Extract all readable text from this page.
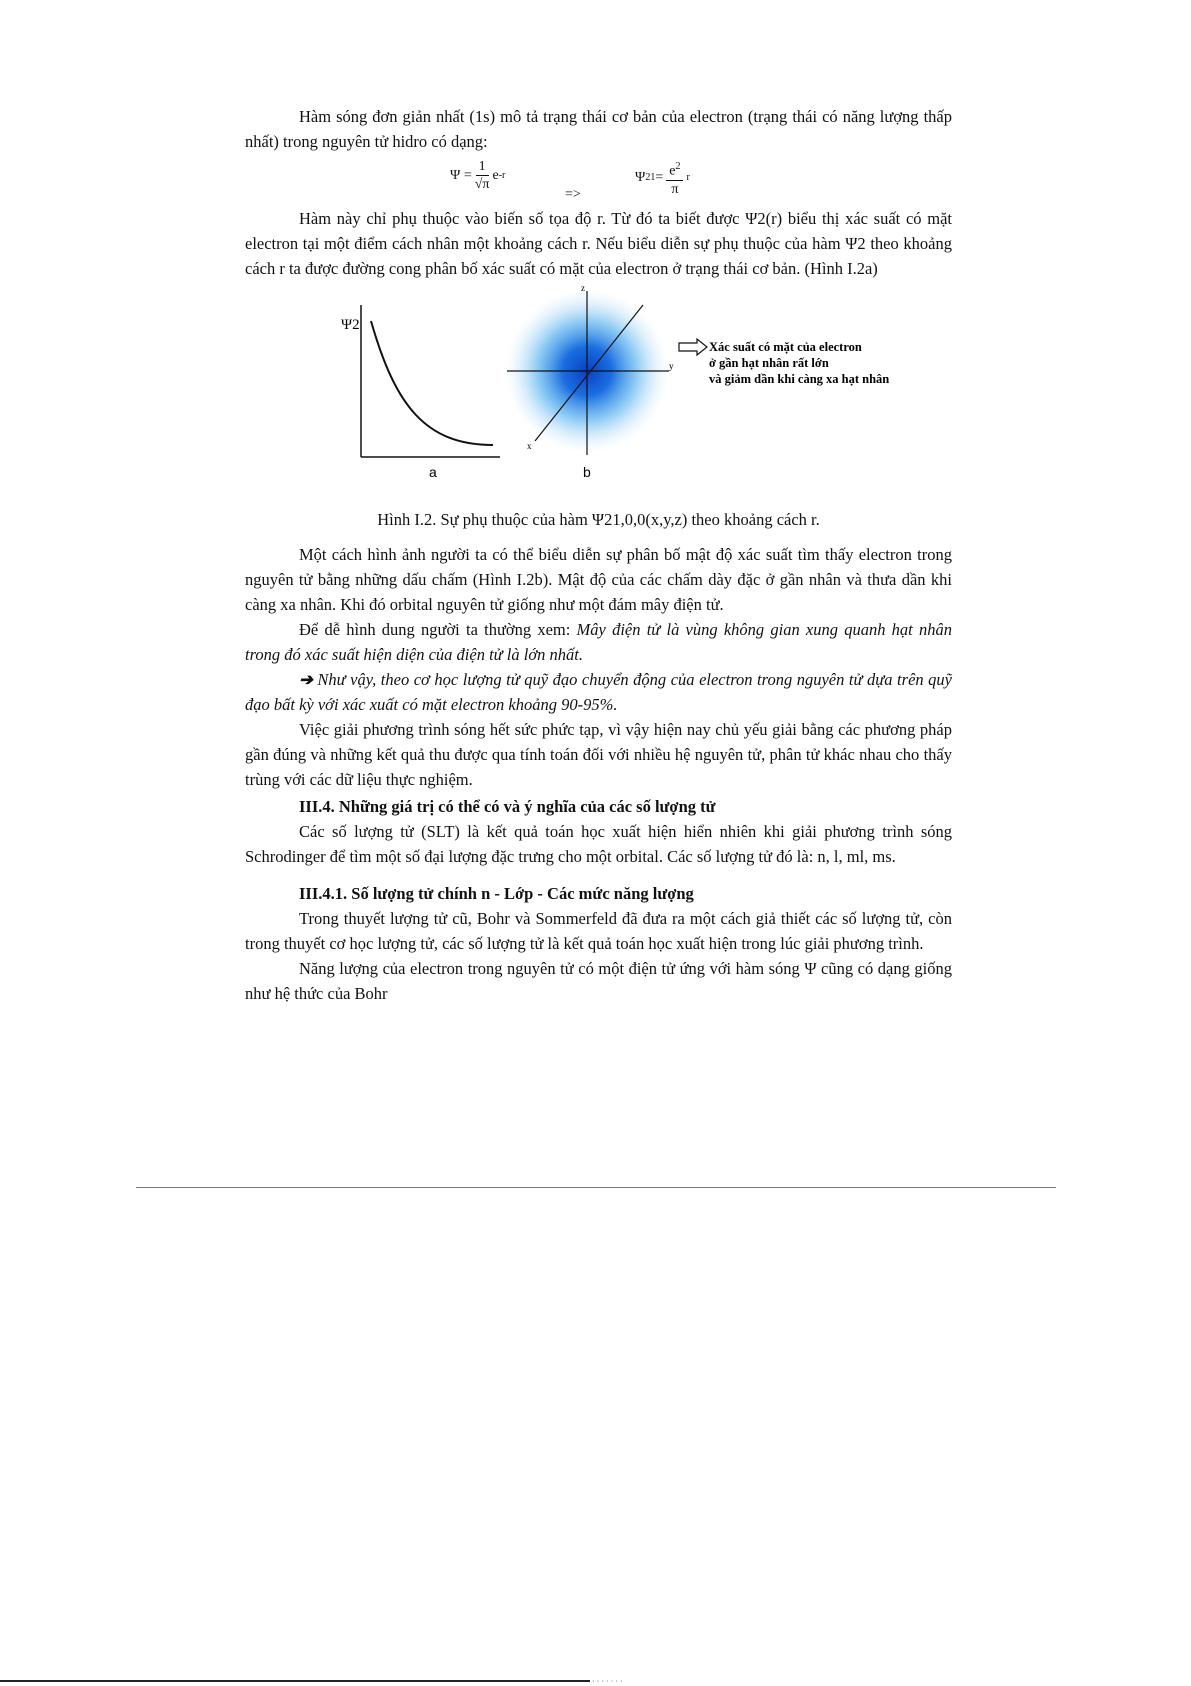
Hàm sóng đơn giản nhất (1s) mô tả trạng thái cơ bản của electron (trạng thái có năng lượng thấp nhất) trong nguyên tử hidro có dạng:

$\Psi = \frac{1}{√\pi}$ e -r
=>
Ψ 2 $1 = \frac{e^2}{\pi}$ r

Hàm này chỉ phụ thuộc vào biến số tọa độ r. Từ đó ta biết được Ψ2(r) biểu thị xác suất có mặt electron tại một điểm cách nhân một khoảng cách r. Nếu biểu diễn sự phụ thuộc của hàm Ψ2 theo khoảng cách r ta được đường cong phân bố xác suất có mặt của electron ở trạng thái cơ bản. (Hình I.2a)

Ψ2
a
z
y
x
b
Xác suất có mặt của electron
ở gần hạt nhân rất lớn
và giảm dần khi càng xa hạt nhân

Hình I.2. Sự phụ thuộc của hàm Ψ21,0,0(x,y,z) theo khoảng cách r.

Một cách hình ảnh người ta có thể biểu diễn sự phân bố mật độ xác suất tìm thấy electron trong nguyên tử bằng những dấu chấm (Hình I.2b). Mật độ của các chấm dày đặc ở gần nhân và thưa dần khi càng xa nhân. Khi đó orbital nguyên tử giống như một đám mây điện tử.

Để dễ hình dung người ta thường xem: Mây điện tử là vùng không gian xung quanh hạt nhân trong đó xác suất hiện diện của điện tử là lớn nhất.

➔ Như vậy, theo cơ học lượng tử quỹ đạo chuyển động của electron trong nguyên tử dựa trên quỹ đạo bất kỳ với xác xuất có mặt electron khoảng 90-95%.

Việc giải phương trình sóng hết sức phức tạp, vì vậy hiện nay chủ yếu giải bằng các phương pháp gần đúng và những kết quả thu được qua tính toán đối với nhiều hệ nguyên tử, phân tử khác nhau cho thấy trùng với các dữ liệu thực nghiệm.

III.4. Những giá trị có thể có và ý nghĩa của các số lượng tử

Các số lượng tử (SLT) là kết quả toán học xuất hiện hiển nhiên khi giải phương trình sóng Schrodinger để tìm một số đại lượng đặc trưng cho một orbital. Các số lượng tử đó là: n, l, ml, ms.

III.4.1. Số lượng tử chính n - Lớp - Các mức năng lượng

Trong thuyết lượng tử cũ, Bohr và Sommerfeld đã đưa ra một cách giả thiết các số lượng tử, còn trong thuyết cơ học lượng tử, các số lượng tử là kết quả toán học xuất hiện trong lúc giải phương trình.

Năng lượng của electron trong nguyên tử có một điện tử ứng với hàm sóng Ψ cũng có dạng giống như hệ thức của Bohr

· · · · · · ·
